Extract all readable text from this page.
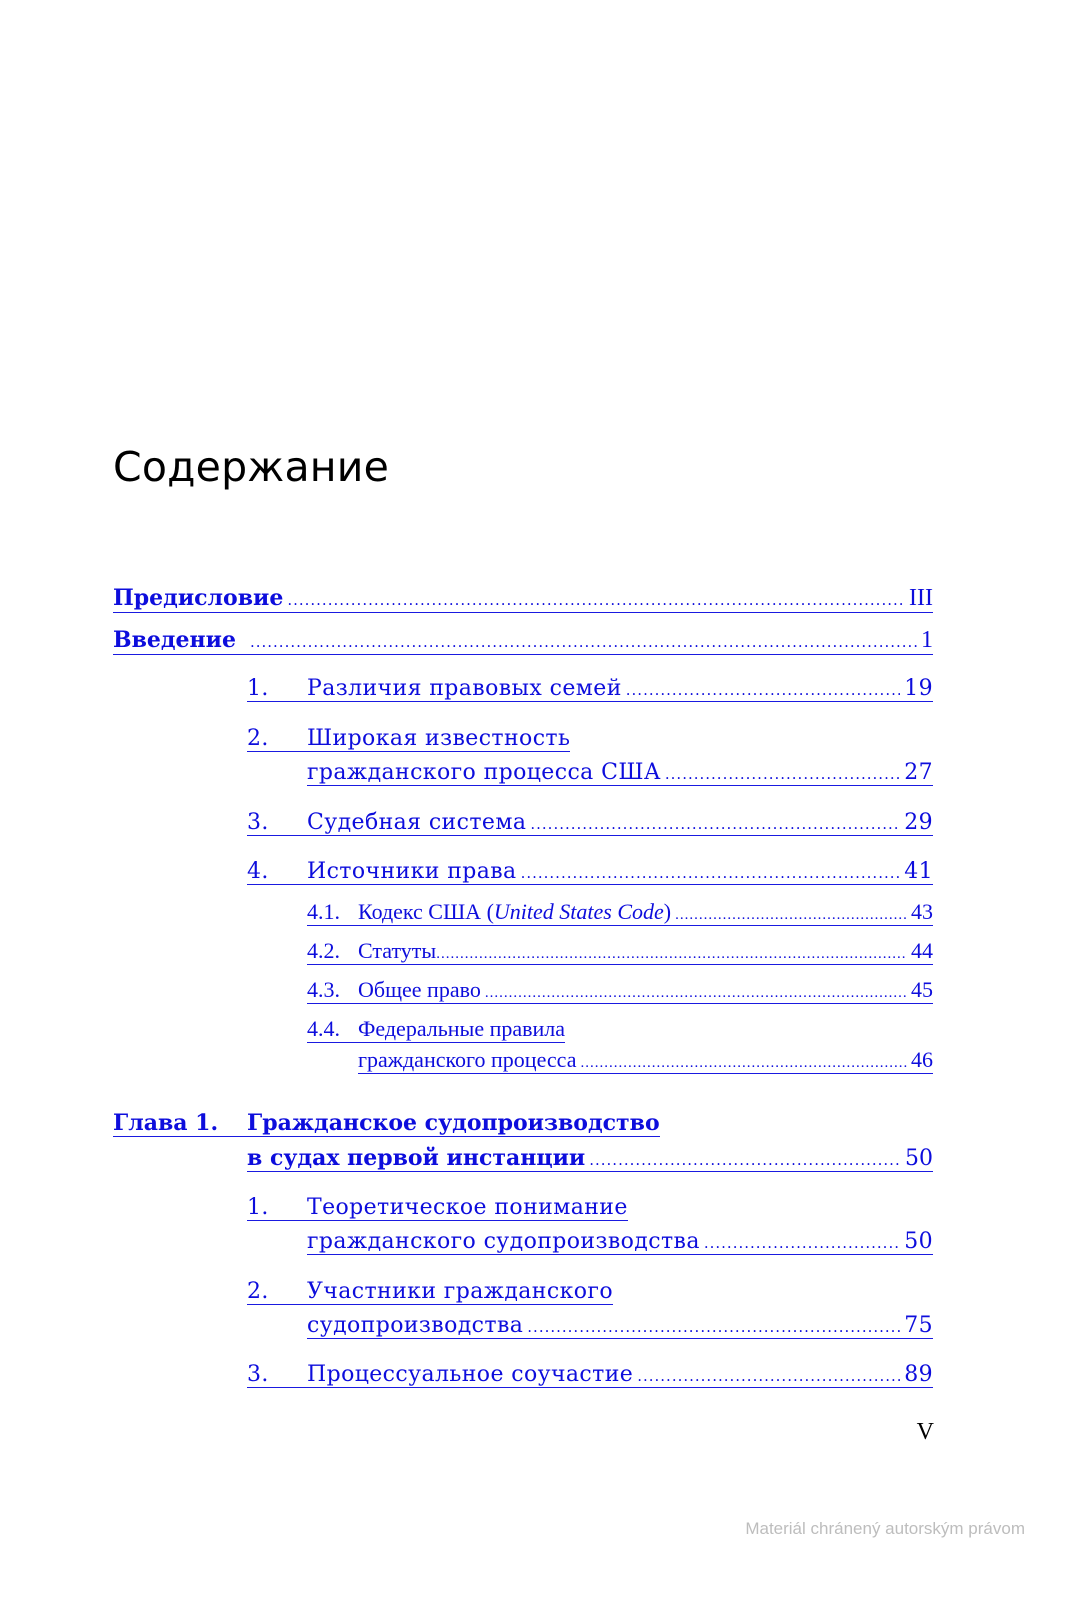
Содержание
Предисловие .....	III
Введение .....	1
1. Различия правовых семей .....	19
2. Широкая известность
гражданского процесса США .....	27
3. Судебная система .....	29
4. Источники права .....	41
4.1. Кодекс США (United States Code) .....	43
4.2. Статуты .....	44
4.3. Общее право .....	45
4.4. Федеральные правила
гражданского процесса .....	46
Глава 1. Гражданское судопроизводство
в судах первой инстанции .....	50
1. Теоретическое понимание
гражданского судопроизводства .....	50
2. Участники гражданского
судопроизводства .....	75
3. Процессуальное соучастие .....	89
V
Materiál chránený autorským právom
